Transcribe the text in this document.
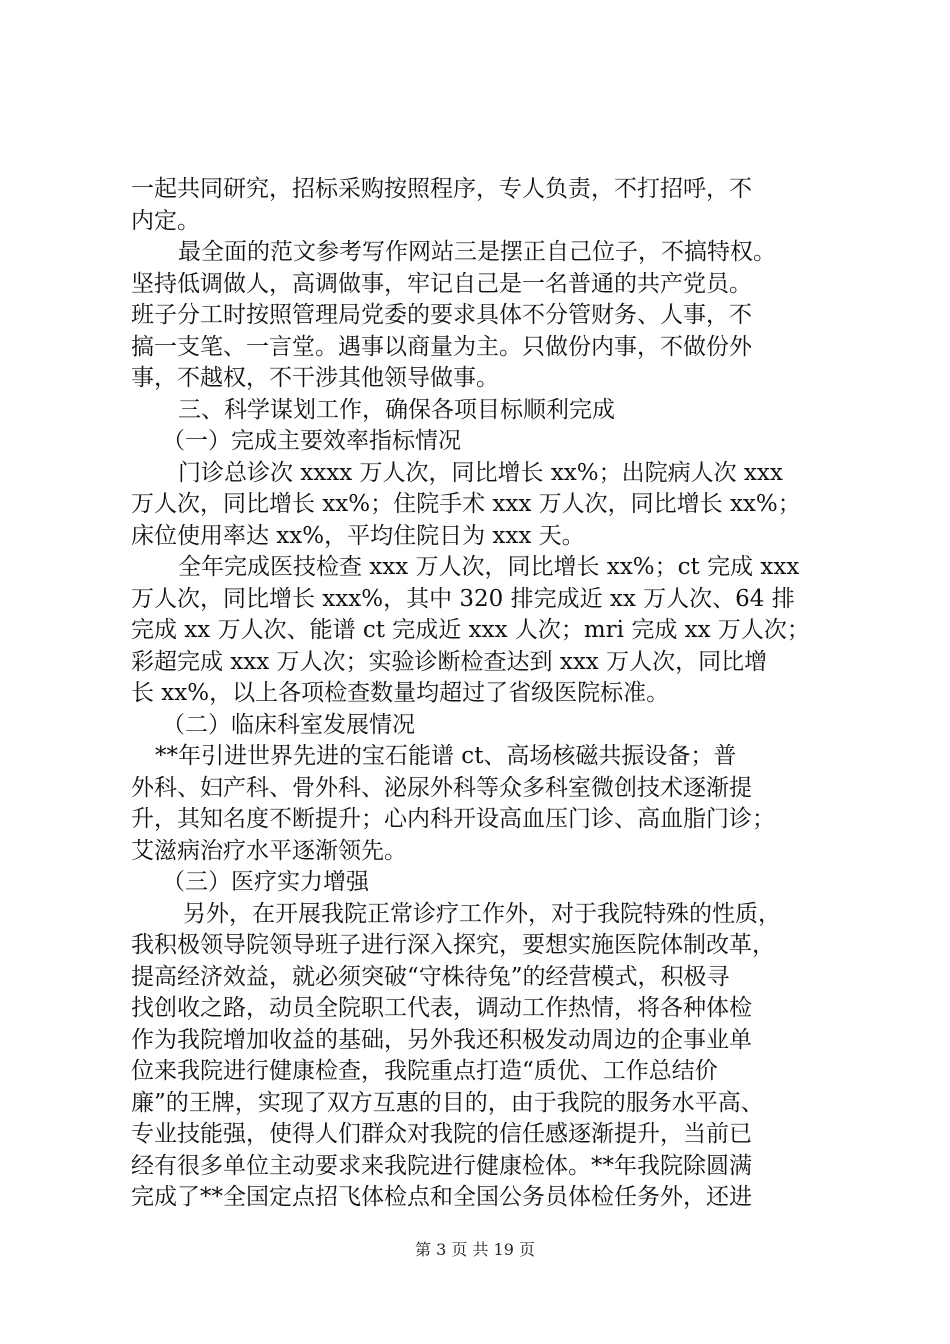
一起共同研究，招标采购按照程序，专人负责，不打招呼，不
内定。
最全面的范文参考写作网站三是摆正自己位子，不搞特权。
坚持低调做人，高调做事，牢记自己是一名普通的共产党员。
班子分工时按照管理局党委的要求具体不分管财务、人事，不
搞一支笔、一言堂。遇事以商量为主。只做份内事，不做份外
事，不越权，不干涉其他领导做事。
三、科学谋划工作，确保各项目标顺利完成
（一）完成主要效率指标情况
门诊总诊次 xxxx 万人次，同比增长 xx%；出院病人次 xxx
万人次，同比增长 xx%；住院手术 xxx 万人次，同比增长 xx%；
床位使用率达 xx%，平均住院日为 xxx 天。
全年完成医技检查 xxx 万人次，同比增长 xx%；ct 完成 xxx
万人次，同比增长 xxx%，其中 320 排完成近 xx 万人次、64 排
完成 xx 万人次、能谱 ct 完成近 xxx 人次；mri 完成 xx 万人次；
彩超完成 xxx 万人次；实验诊断检查达到 xxx 万人次，同比增
长 xx%，以上各项检查数量均超过了省级医院标准。
（二）临床科室发展情况
**年引进世界先进的宝石能谱 ct、高场核磁共振设备；普
外科、妇产科、骨外科、泌尿外科等众多科室微创技术逐渐提
升，其知名度不断提升；心内科开设高血压门诊、高血脂门诊；
艾滋病治疗水平逐渐领先。
（三）医疗实力增强
另外，在开展我院正常诊疗工作外，对于我院特殊的性质，
我积极领导院领导班子进行深入探究，要想实施医院体制改革，
提高经济效益，就必须突破“守株待兔”的经营模式，积极寻
找创收之路，动员全院职工代表，调动工作热情，将各种体检
作为我院增加收益的基础，另外我还积极发动周边的企事业单
位来我院进行健康检查，我院重点打造“质优、工作总结价
廉”的王牌，实现了双方互惠的目的，由于我院的服务水平高、
专业技能强，使得人们群众对我院的信任感逐渐提升，当前已
经有很多单位主动要求来我院进行健康检体。**年我院除圆满
完成了**全国定点招飞体检点和全国公务员体检任务外，还进
第 3 页 共 19 页
